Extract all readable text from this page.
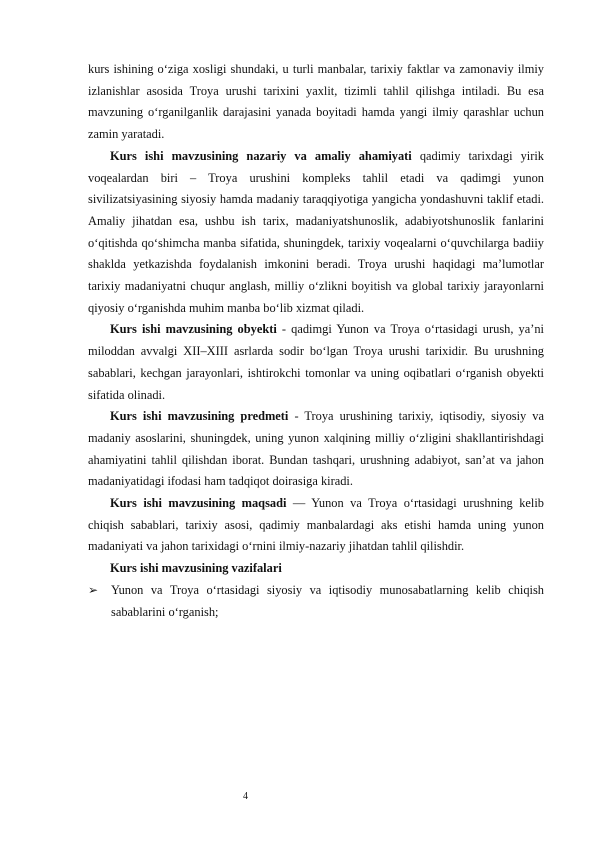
kurs ishining o‘ziga xosligi shundaki, u turli manbalar, tarixiy faktlar va zamonaviy ilmiy izlanishlar asosida Troya urushi tarixini yaxlit, tizimli tahlil qilishga intiladi. Bu esa mavzuning o‘rganilganlik darajasini yanada boyitadi hamda yangi ilmiy qarashlar uchun zamin yaratadi.

Kurs ishi mavzusining nazariy va amaliy ahamiyati qadimiy tarixdagi yirik voqealardan biri – Troya urushini kompleks tahlil etadi va qadimgi yunon sivilizatsiyasining siyosiy hamda madaniy taraqqiyotiga yangicha yondashuvni taklif etadi. Amaliy jihatdan esa, ushbu ish tarix, madaniyatshunoslik, adabiyotshunoslik fanlarini o‘qitishda qo‘shimcha manba sifatida, shuningdek, tarixiy voqealarni o‘quvchilarga badiiy shaklda yetkazishda foydalanish imkonini beradi. Troya urushi haqidagi ma’lumotlar tarixiy madaniyatni chuqur anglash, milliy o‘zlikni boyitish va global tarixiy jarayonlarni qiyosiy o‘rganishda muhim manba bo‘lib xizmat qiladi.

Kurs ishi mavzusining obyekti - qadimgi Yunon va Troya o‘rtasidagi urush, ya’ni miloddan avvalgi XII–XIII asrlarda sodir bo‘lgan Troya urushi tarixidir. Bu urushning sabablari, kechgan jarayonlari, ishtirokchi tomonlar va uning oqibatlari o‘rganish obyekti sifatida olinadi.

Kurs ishi mavzusining predmeti - Troya urushining tarixiy, iqtisodiy, siyosiy va madaniy asoslarini, shuningdek, uning yunon xalqining milliy o‘zligini shakllantirishdagi ahamiyatini tahlil qilishdan iborat. Bundan tashqari, urushning adabiyot, san’at va jahon madaniyatidagi ifodasi ham tadqiqot doirasiga kiradi.

Kurs ishi mavzusining maqsadi — Yunon va Troya o‘rtasidagi urushning kelib chiqish sabablari, tarixiy asosi, qadimiy manbalardagi aks etishi hamda uning yunon madaniyati va jahon tarixidagi o‘rnini ilmiy-nazariy jihatdan tahlil qilishdir.

Kurs ishi mavzusining vazifalari

➢	Yunon va Troya o‘rtasidagi siyosiy va iqtisodiy munosabatlarning kelib chiqish sabablarini o‘rganish;
4
